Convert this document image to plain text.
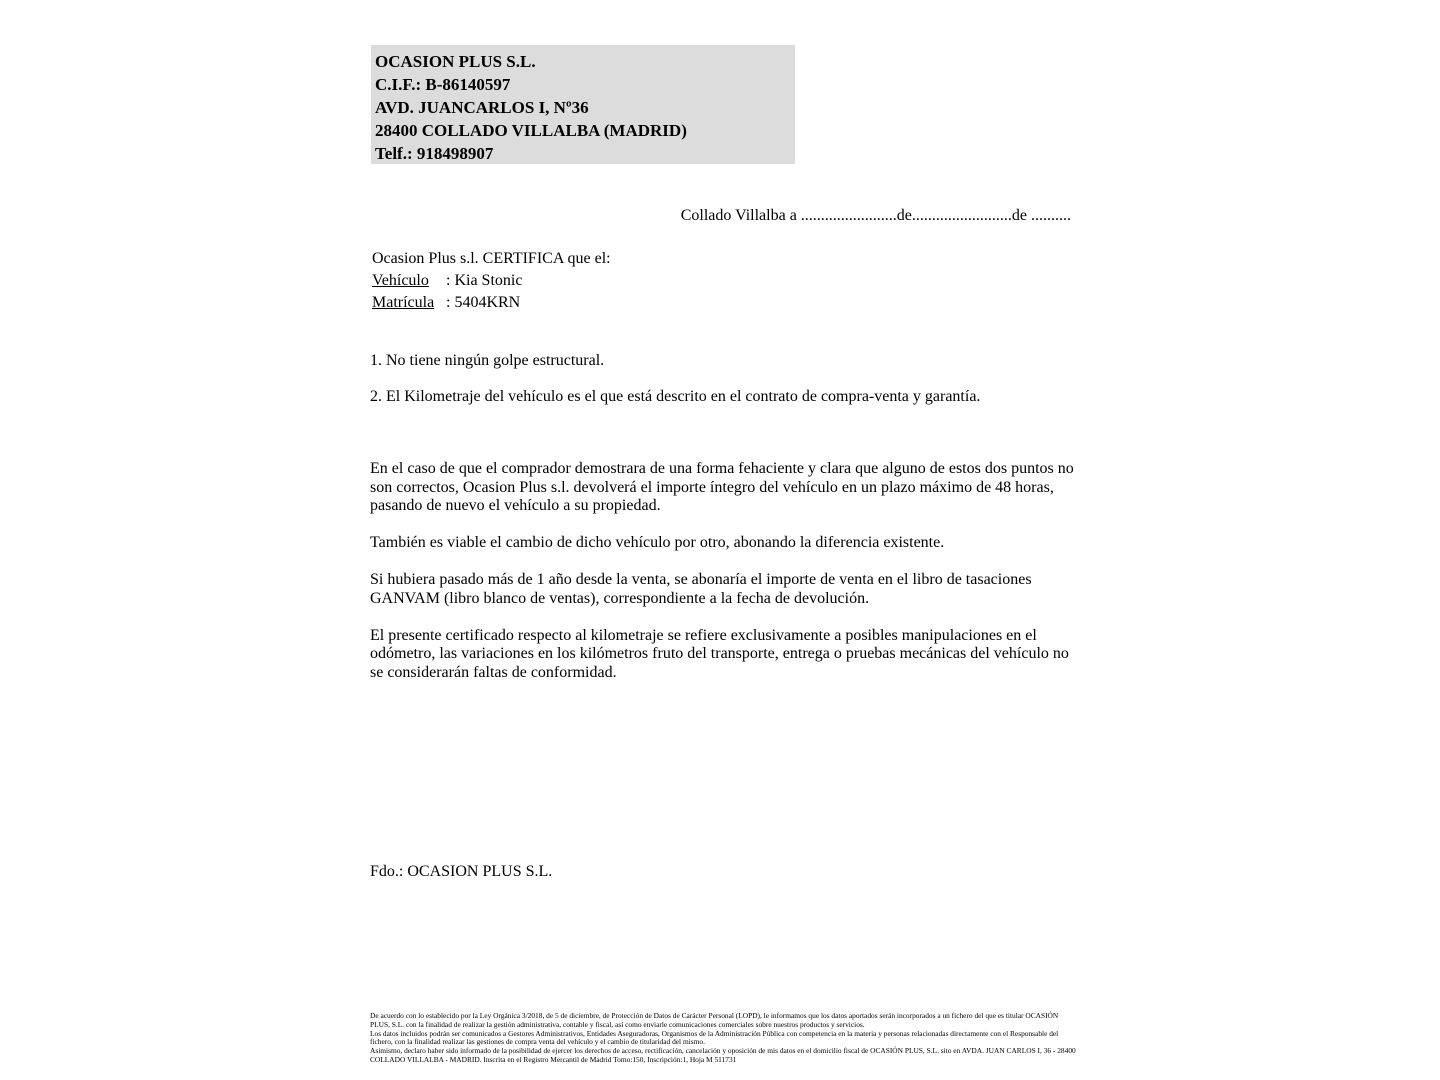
OCASION PLUS S.L.
C.I.F.: B-86140597
AVD. JUANCARLOS I, Nº36
28400 COLLADO VILLALBA (MADRID)
Telf.: 918498907
Collado Villalba a ........................de.........................de ..........
Ocasion Plus s.l. CERTIFICA que el:
Vehículo : Kia Stonic
Matrícula : 5404KRN

1. No tiene ningún golpe estructural.

2. El Kilometraje del vehículo es el que está descrito en el contrato de compra-venta y garantía.

En el caso de que el comprador demostrara de una forma fehaciente y clara que alguno de estos dos puntos no son correctos, Ocasion Plus s.l. devolverá el importe íntegro del vehículo en un plazo máximo de 48 horas, pasando de nuevo el vehículo a su propiedad.

También es viable el cambio de dicho vehículo por otro, abonando la diferencia existente.

Si hubiera pasado más de 1 año desde la venta, se abonaría el importe de venta en el libro de tasaciones GANVAM (libro blanco de ventas), correspondiente a la fecha de devolución.

El presente certificado respecto al kilometraje se refiere exclusivamente a posibles manipulaciones en el odómetro, las variaciones en los kilómetros fruto del transporte, entrega o pruebas mecánicas del vehículo no se considerarán faltas de conformidad.

Fdo.: OCASION PLUS S.L.

De acuerdo con lo establecido por la Ley Orgánica 3/2018, de 5 de diciembre, de Protección de Datos de Carácter Personal (LOPD), le informamos que los datos aportados serán incorporados a un fichero del que es titular OCASIÓN PLUS, S.L. con la finalidad de realizar la gestión administrativa, contable y fiscal, así como enviarle comunicaciones comerciales sobre nuestros productos y servicios.

Los datos incluidos podrán ser comunicados a Gestores Administrativos, Entidades Aseguradoras, Organismos de la Administración Pública con competencia en la materia y personas relacionadas directamente con el Responsable del fichero, con la finalidad realizar las gestiones de compra venta del vehículo y el cambio de titularidad del mismo.

Asimismo, declaro haber sido informado de la posibilidad de ejercer los derechos de acceso, rectificación, cancelación y oposición de mis datos en el domicilio fiscal de OCASIÓN PLUS, S.L. sito en AVDA. JUAN CARLOS I, 36 - 28400 COLLADO VILLALBA - MADRID. Inscrita en el Registro Mercantil de Madrid Tomo:150, Inscripción:1, Hoja M 511731
